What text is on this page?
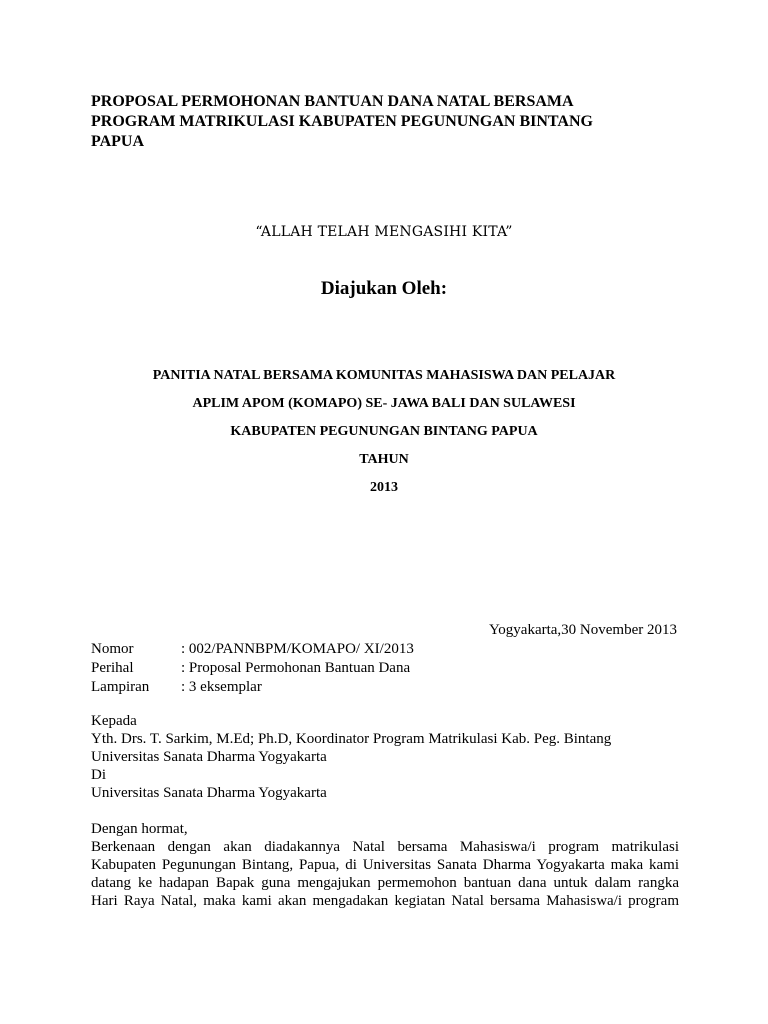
PROPOSAL PERMOHONAN BANTUAN DANA NATAL BERSAMA
PROGRAM MATRIKULASI KABUPATEN PEGUNUNGAN BINTANG
PAPUA
“ALLAH TELAH MENGASIHI KITA”
Diajukan Oleh:
PANITIA NATAL BERSAMA KOMUNITAS MAHASISWA DAN PELAJAR
APLIM APOM (KOMAPO) SE- JAWA BALI DAN SULAWESI
KABUPATEN PEGUNUNGAN BINTANG PAPUA
TAHUN
2013
Yogyakarta,30 November 2013
Nomor	: 002/PANNBPM/KOMAPO/ XI/2013
Perihal	: Proposal Permohonan Bantuan Dana
Lampiran	: 3 eksemplar
Kepada
Yth. Drs. T. Sarkim, M.Ed; Ph.D, Koordinator Program Matrikulasi Kab. Peg. Bintang
Universitas Sanata Dharma Yogyakarta
Di
Universitas Sanata Dharma Yogyakarta
Dengan hormat,
Berkenaan dengan akan diadakannya Natal bersama Mahasiswa/i program matrikulasi
Kabupaten Pegunungan Bintang, Papua, di Universitas Sanata Dharma Yogyakarta maka kami
datang ke hadapan Bapak guna mengajukan permemohon bantuan dana untuk dalam rangka
Hari Raya Natal, maka kami akan mengadakan kegiatan Natal bersama Mahasiswa/i program
